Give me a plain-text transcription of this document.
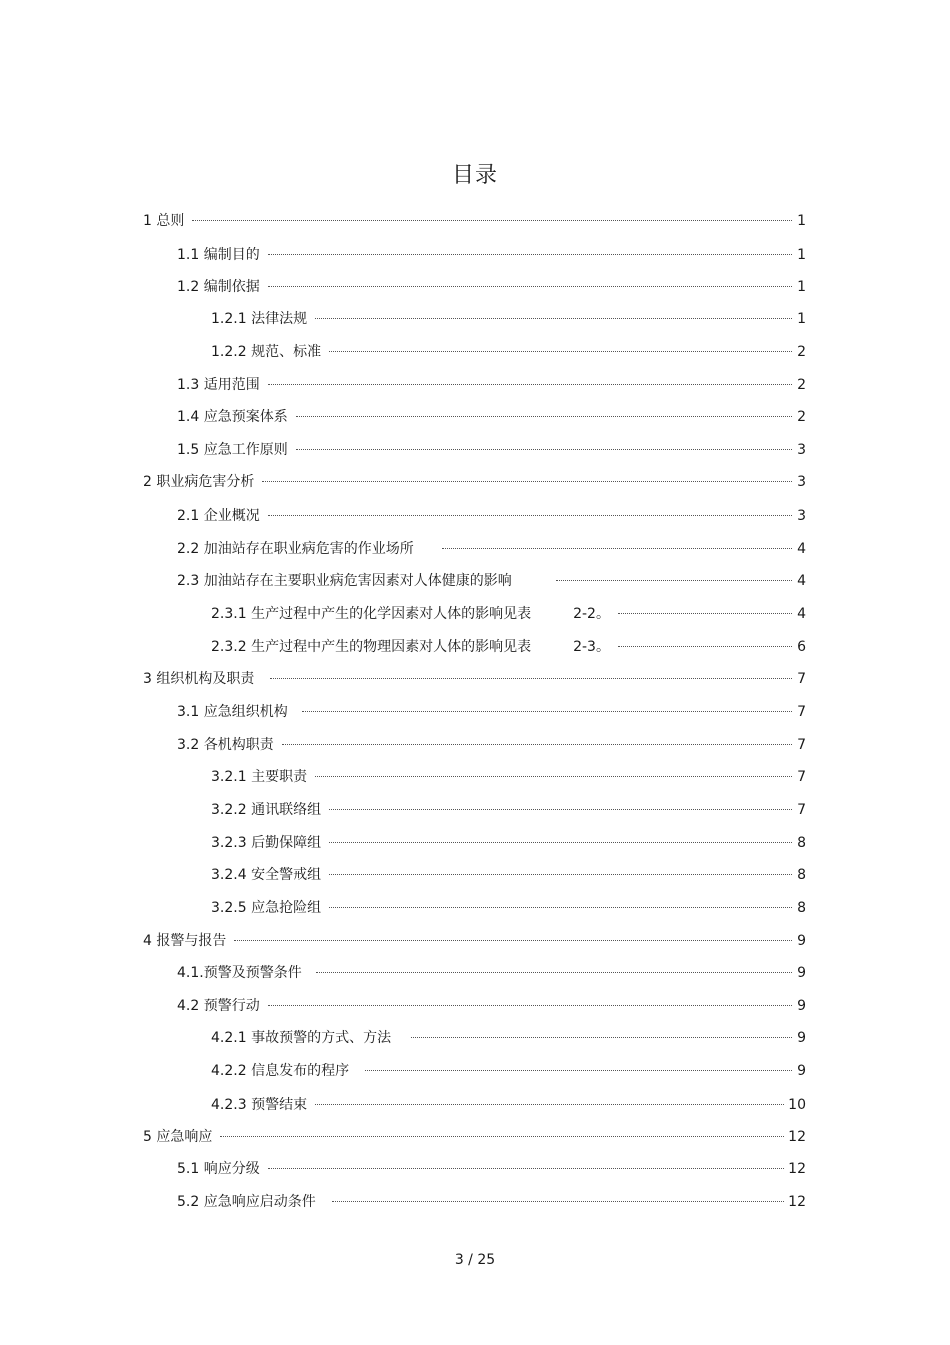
目录
1 总则	1
1.1 编制目的	1
1.2 编制依据	1
1.2.1 法律法规	1
1.2.2 规范、标准	2
1.3 适用范围	2
1.4 应急预案体系	2
1.5 应急工作原则	3
2 职业病危害分析	3
2.1 企业概况	3
2.2 加油站存在职业病危害的作业场所	4
2.3 加油站存在主要职业病危害因素对人体健康的影响	4
2.3.1 生产过程中产生的化学因素对人体的影响见表	2-2。	4
2.3.2 生产过程中产生的物理因素对人体的影响见表	2-3。	6
3 组织机构及职责	7
3.1 应急组织机构	7
3.2 各机构职责	7
3.2.1 主要职责	7
3.2.2 通讯联络组	7
3.2.3 后勤保障组	8
3.2.4 安全警戒组	8
3.2.5 应急抢险组	8
4 报警与报告	9
4.1.预警及预警条件	9
4.2 预警行动	9
4.2.1 事故预警的方式、方法	9
4.2.2 信息发布的程序	9
4.2.3 预警结束	10
5 应急响应	12
5.1 响应分级	12
5.2 应急响应启动条件	12
3 / 25
